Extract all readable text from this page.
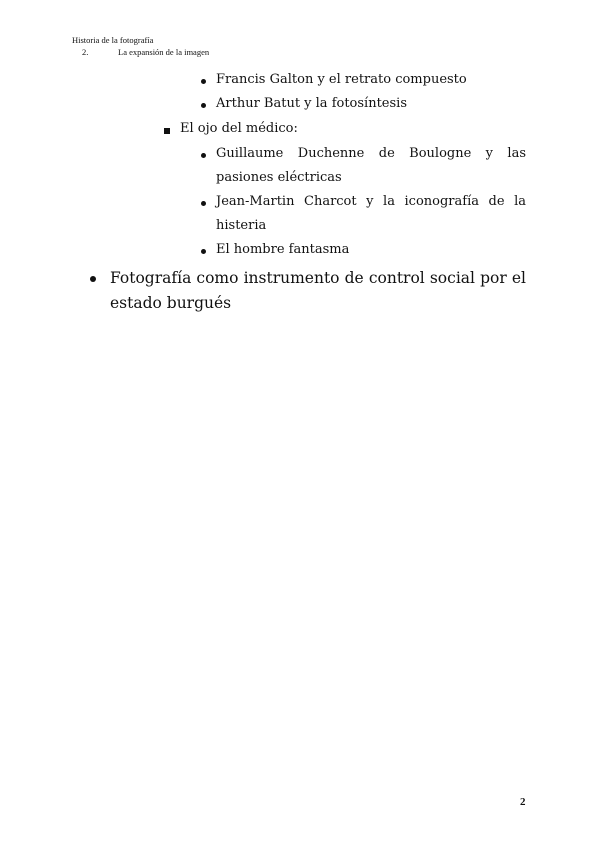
Historia de la fotografía
2.	La expansión de la imagen
Francis Galton y el retrato compuesto
Arthur Batut y la fotosíntesis
El ojo del médico:
Guillaume Duchenne de Boulogne y las pasiones eléctricas
Jean-Martin Charcot y la iconografía de la histeria
El hombre fantasma
Fotografía como instrumento de control social por el estado burgués
2
